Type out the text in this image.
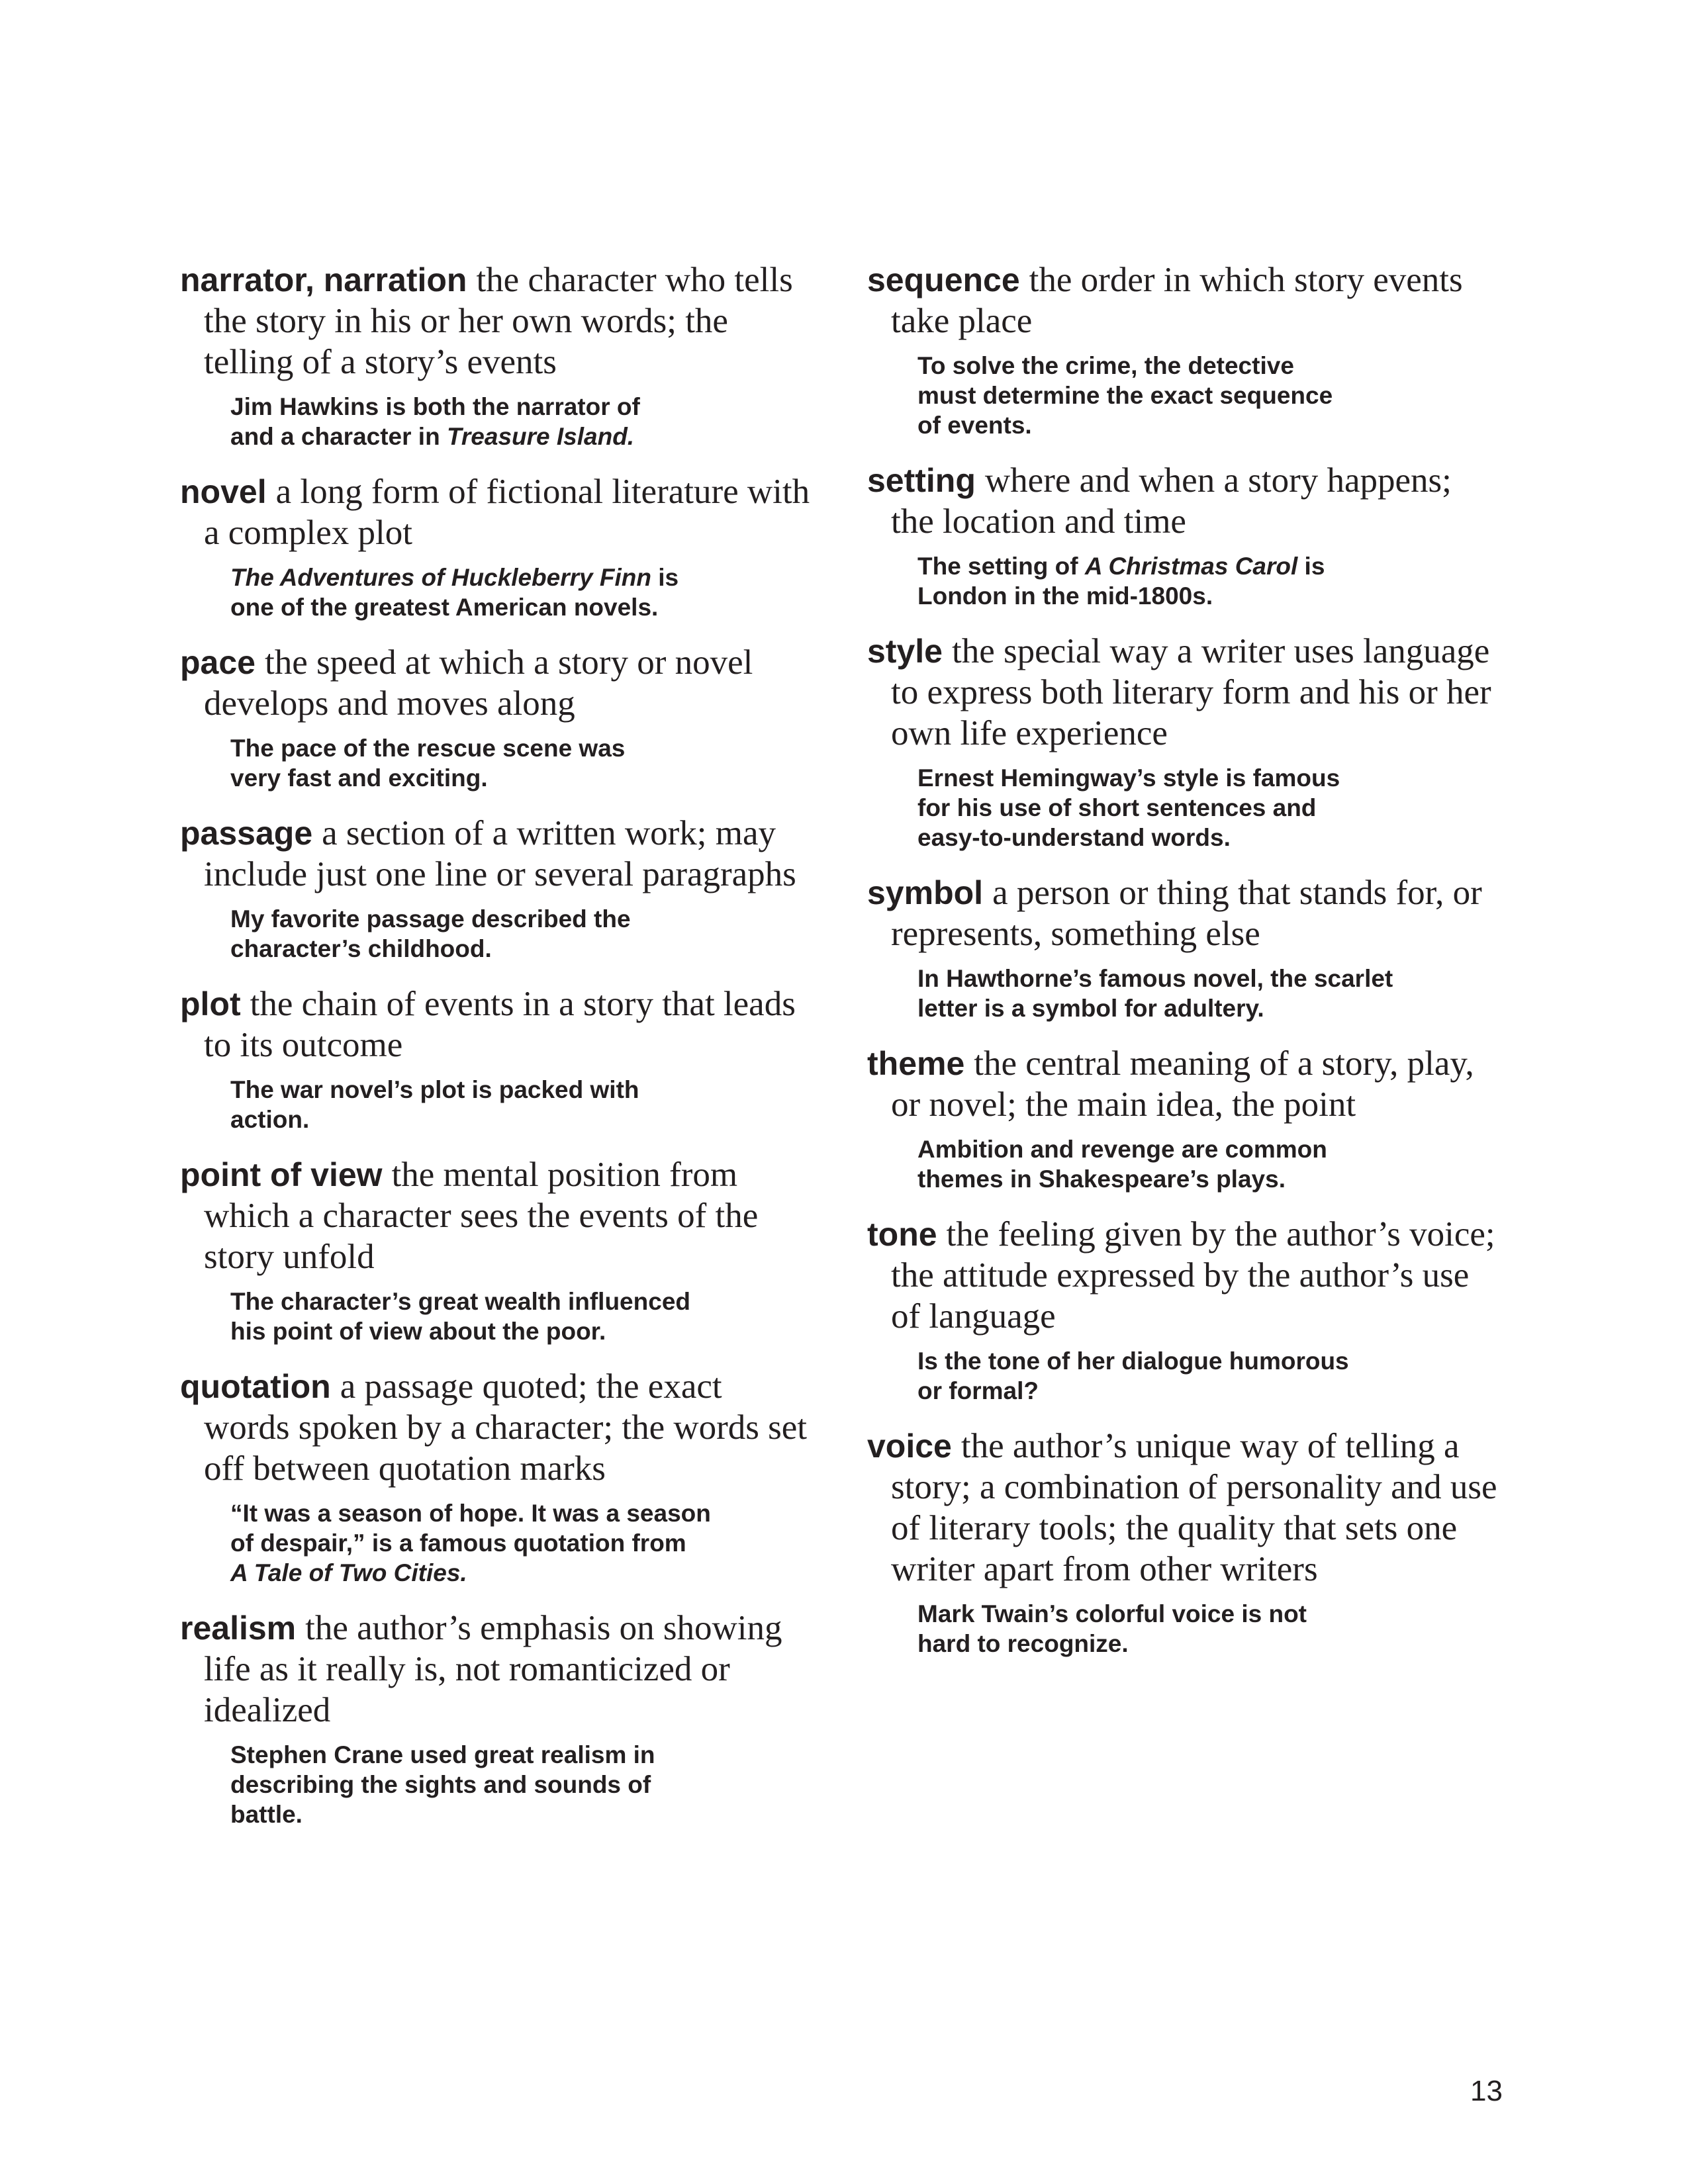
narrator, narration the character who tells the story in his or her own words; the telling of a story’s events

Jim Hawkins is both the narrator of
and a character in Treasure Island.

novel a long form of fictional literature with a complex plot

The Adventures of Huckleberry Finn is
one of the greatest American novels.

pace the speed at which a story or novel develops and moves along

The pace of the rescue scene was
very fast and exciting.

passage a section of a written work; may include just one line or several paragraphs

My favorite passage described the
character’s childhood.

plot the chain of events in a story that leads to its outcome

The war novel’s plot is packed with
action.

point of view the mental position from which a character sees the events of the story unfold

The character’s great wealth influenced
his point of view about the poor.

quotation a passage quoted; the exact words spoken by a character; the words set off between quotation marks

“It was a season of hope. It was a season
of despair,” is a famous quotation from
A Tale of Two Cities.

realism the author’s emphasis on showing life as it really is, not romanticized or idealized

Stephen Crane used great realism in
describing the sights and sounds of
battle.

sequence the order in which story events take place

To solve the crime, the detective
must determine the exact sequence
of events.

setting where and when a story happens; the location and time

The setting of A Christmas Carol is
London in the mid-1800s.

style the special way a writer uses language to express both literary form and his or her own life experience

Ernest Hemingway’s style is famous
for his use of short sentences and
easy-to-understand words.

symbol a person or thing that stands for, or represents, something else

In Hawthorne’s famous novel, the scarlet
letter is a symbol for adultery.

theme the central meaning of a story, play, or novel; the main idea, the point

Ambition and revenge are common
themes in Shakespeare’s plays.

tone the feeling given by the author’s voice; the attitude expressed by the author’s use of language

Is the tone of her dialogue humorous
or formal?

voice the author’s unique way of telling a story; a combination of personality and use of literary tools; the quality that sets one writer apart from other writers

Mark Twain’s colorful voice is not
hard to recognize.
13
